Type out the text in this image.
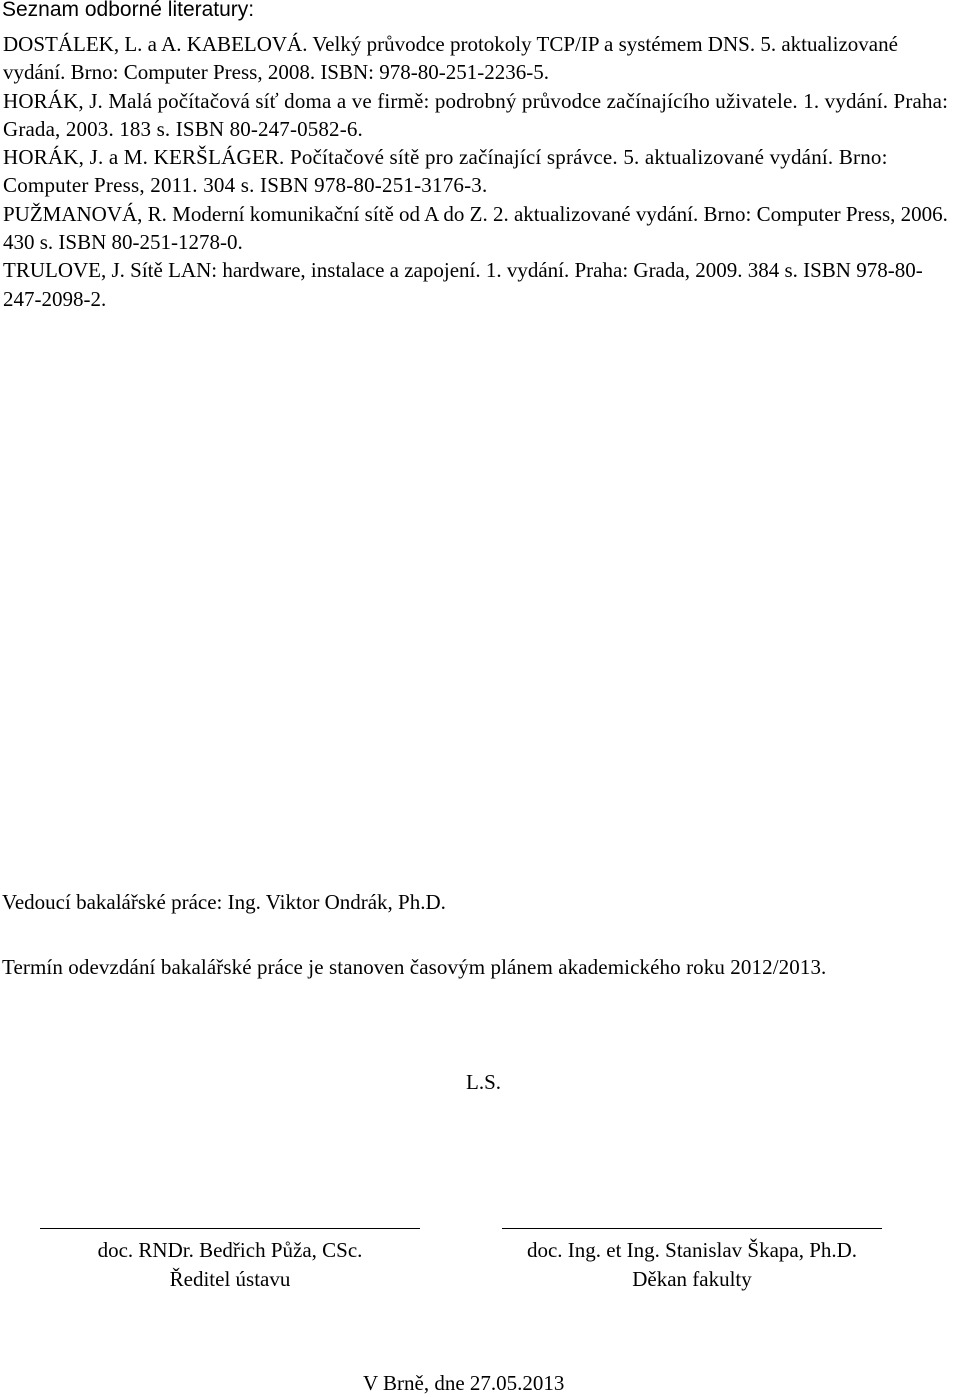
Seznam odborné literatury:
DOSTÁLEK, L. a A. KABELOVÁ. Velký průvodce protokoly TCP/IP a systémem DNS. 5. aktualizované vydání. Brno: Computer Press, 2008. ISBN: 978-80-251-2236-5.
HORÁK, J. Malá počítačová síť doma a ve firmě: podrobný průvodce začínajícího uživatele. 1. vydání. Praha: Grada, 2003. 183 s. ISBN 80-247-0582-6.
HORÁK, J. a M. KERŠLÁGER. Počítačové sítě pro začínající správce. 5. aktualizované vydání. Brno: Computer Press, 2011. 304 s. ISBN 978-80-251-3176-3.
PUŽMANOVÁ, R. Moderní komunikační sítě od A do Z. 2. aktualizované vydání. Brno: Computer Press, 2006. 430 s. ISBN 80-251-1278-0.
TRULOVE, J. Sítě LAN: hardware, instalace a zapojení. 1. vydání. Praha: Grada, 2009. 384 s. ISBN 978-80-247-2098-2.

Vedoucí bakalářské práce: Ing. Viktor Ondrák, Ph.D.

Termín odevzdání bakalářské práce je stanoven časovým plánem akademického roku 2012/2013.

L.S.

doc. RNDr. Bedřich Půža, CSc.

Ředitel ústavu

doc. Ing. et Ing. Stanislav Škapa, Ph.D.

Děkan fakulty

V Brně, dne 27.05.2013
